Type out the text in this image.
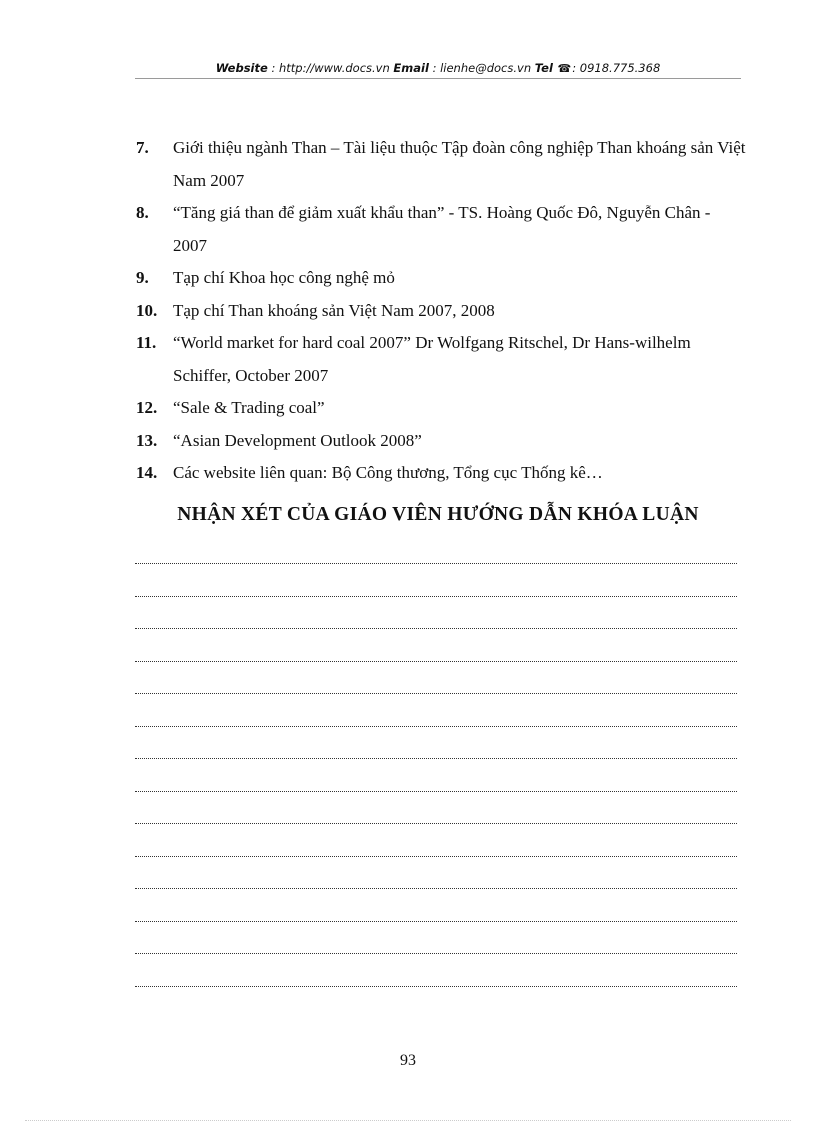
Website : http://www.docs.vn Email : lienhe@docs.vn Tel ☎: 0918.775.368
7.	Giới thiệu ngành Than – Tài liệu thuộc Tập đoàn công nghiệp Than khoáng sản Việt Nam 2007
8.	“Tăng giá than để giảm xuất khẩu than” - TS. Hoàng Quốc Đô, Nguyễn Chân - 2007
9.	Tạp chí Khoa học công nghệ mỏ
10. Tạp chí Than khoáng sản Việt Nam 2007, 2008
11. “World market for hard coal 2007” Dr Wolfgang Ritschel, Dr Hans-wilhelm Schiffer, October 2007
12. “Sale & Trading coal”
13. “Asian Development Outlook 2008”
14. Các website liên quan: Bộ Công thương, Tổng cục Thống kê…
NHẬN XÉT CỦA GIÁO VIÊN HƯỚNG DẪN KHÓA LUẬN
93
